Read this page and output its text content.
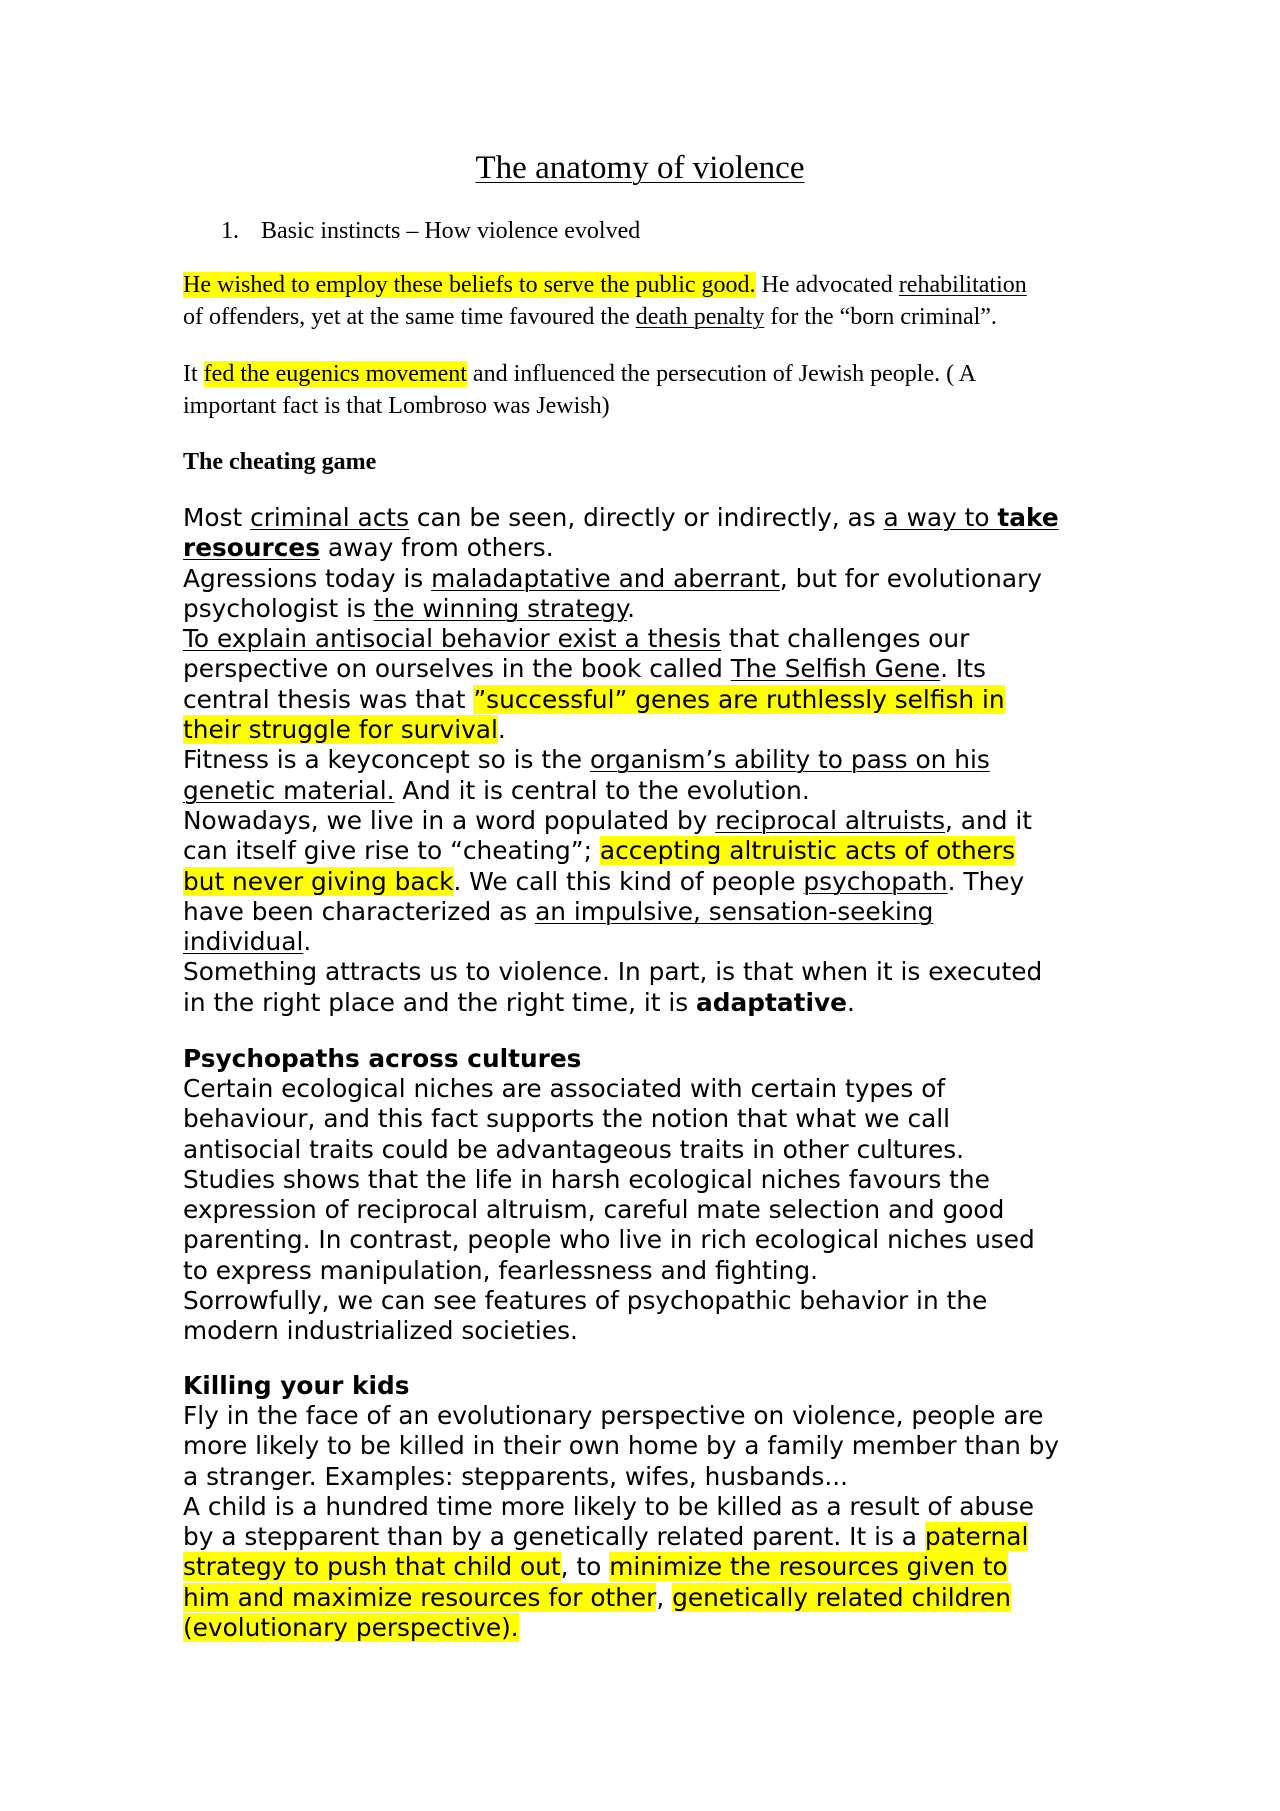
The anatomy of violence
1. Basic instincts – How violence evolved
He wished to employ these beliefs to serve the public good. He advocated rehabilitation
of offenders, yet at the same time favoured the death penalty for the “born criminal”.
It fed the eugenics movement and influenced the persecution of Jewish people. ( A
important fact is that Lombroso was Jewish)
The cheating game
Most criminal acts can be seen, directly or indirectly, as a way to take
resources away from others.
Agressions today is maladaptative and aberrant, but for evolutionary
psychologist is the winning strategy.
To explain antisocial behavior exist a thesis that challenges our
perspective on ourselves in the book called The Selfish Gene. Its
central thesis was that ”successful” genes are ruthlessly selfish in
their struggle for survival.
Fitness is a keyconcept so is the organism’s ability to pass on his
genetic material. And it is central to the evolution.
Nowadays, we live in a word populated by reciprocal altruists, and it
can itself give rise to “cheating”; accepting altruistic acts of others
but never giving back. We call this kind of people psychopath. They
have been characterized as an impulsive, sensation-seeking
individual.
Something attracts us to violence. In part, is that when it is executed
in the right place and the right time, it is adaptative.
Psychopaths across cultures
Certain ecological niches are associated with certain types of
behaviour, and this fact supports the notion that what we call
antisocial traits could be advantageous traits in other cultures.
Studies shows that the life in harsh ecological niches favours the
expression of reciprocal altruism, careful mate selection and good
parenting. In contrast, people who live in rich ecological niches used
to express manipulation, fearlessness and fighting.
Sorrowfully, we can see features of psychopathic behavior in the
modern industrialized societies.
Killing your kids
Fly in the face of an evolutionary perspective on violence, people are
more likely to be killed in their own home by a family member than by
a stranger. Examples: stepparents, wifes, husbands...
A child is a hundred time more likely to be killed as a result of abuse
by a stepparent than by a genetically related parent. It is a paternal
strategy to push that child out, to minimize the resources given to
him and maximize resources for other, genetically related children
(evolutionary perspective).
